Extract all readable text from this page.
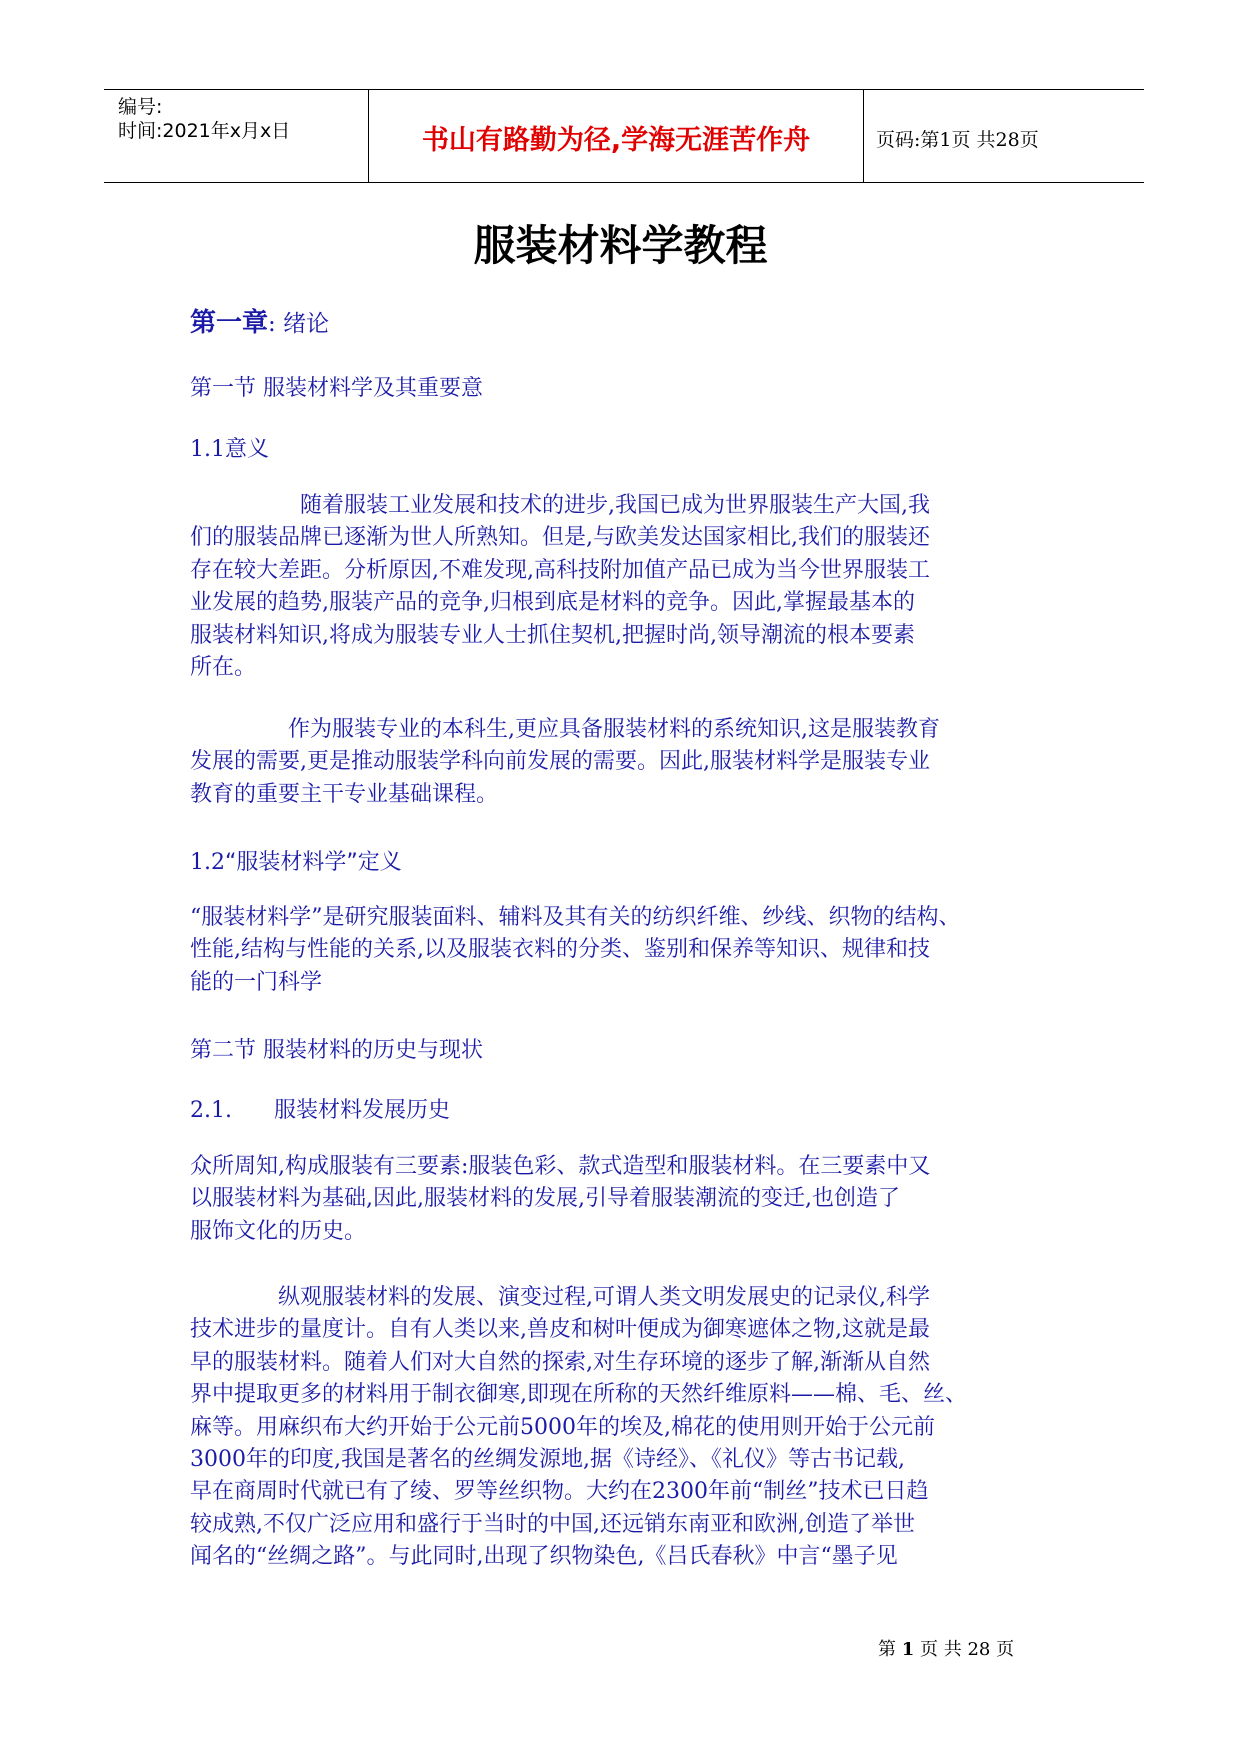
编号:
时间:2021年x月x日	书山有路勤为径,学海无涯苦作舟	页码:第1页 共28页
服装材料学教程
第一章: 绪论
第一节 服装材料学及其重要意
1.1意义
随着服装工业发展和技术的进步,我国已成为世界服装生产大国,我
们的服装品牌已逐渐为世人所熟知。但是,与欧美发达国家相比,我们的服装还
存在较大差距。分析原因,不难发现,高科技附加值产品已成为当今世界服装工
业发展的趋势,服装产品的竞争,归根到底是材料的竞争。因此,掌握最基本的
服装材料知识,将成为服装专业人士抓住契机,把握时尚,领导潮流的根本要素
所在。
作为服装专业的本科生,更应具备服装材料的系统知识,这是服装教育
发展的需要,更是推动服装学科向前发展的需要。因此,服装材料学是服装专业
教育的重要主干专业基础课程。
1.2“服装材料学”定义
“服装材料学”是研究服装面料、辅料及其有关的纺织纤维、纱线、织物的结构、
性能,结构与性能的关系,以及服装衣料的分类、鉴别和保养等知识、规律和技
能的一门科学
第二节 服装材料的历史与现状
2.1. 服装材料发展历史
众所周知,构成服装有三要素:服装色彩、款式造型和服装材料。在三要素中又
以服装材料为基础,因此,服装材料的发展,引导着服装潮流的变迁,也创造了
服饰文化的历史。
纵观服装材料的发展、演变过程,可谓人类文明发展史的记录仪,科学
技术进步的量度计。自有人类以来,兽皮和树叶便成为御寒遮体之物,这就是最
早的服装材料。随着人们对大自然的探索,对生存环境的逐步了解,渐渐从自然
界中提取更多的材料用于制衣御寒,即现在所称的天然纤维原料——棉、毛、丝、
麻等。用麻织布大约开始于公元前5000年的埃及,棉花的使用则开始于公元前
3000年的印度,我国是著名的丝绸发源地,据《诗经》、《礼仪》等古书记载,
早在商周时代就已有了绫、罗等丝织物。大约在2300年前“制丝”技术已日趋
较成熟,不仅广泛应用和盛行于当时的中国,还远销东南亚和欧洲,创造了举世
闻名的“丝绸之路”。与此同时,出现了织物染色,《吕氏春秋》中言“墨子见
第 1 页 共 28 页
